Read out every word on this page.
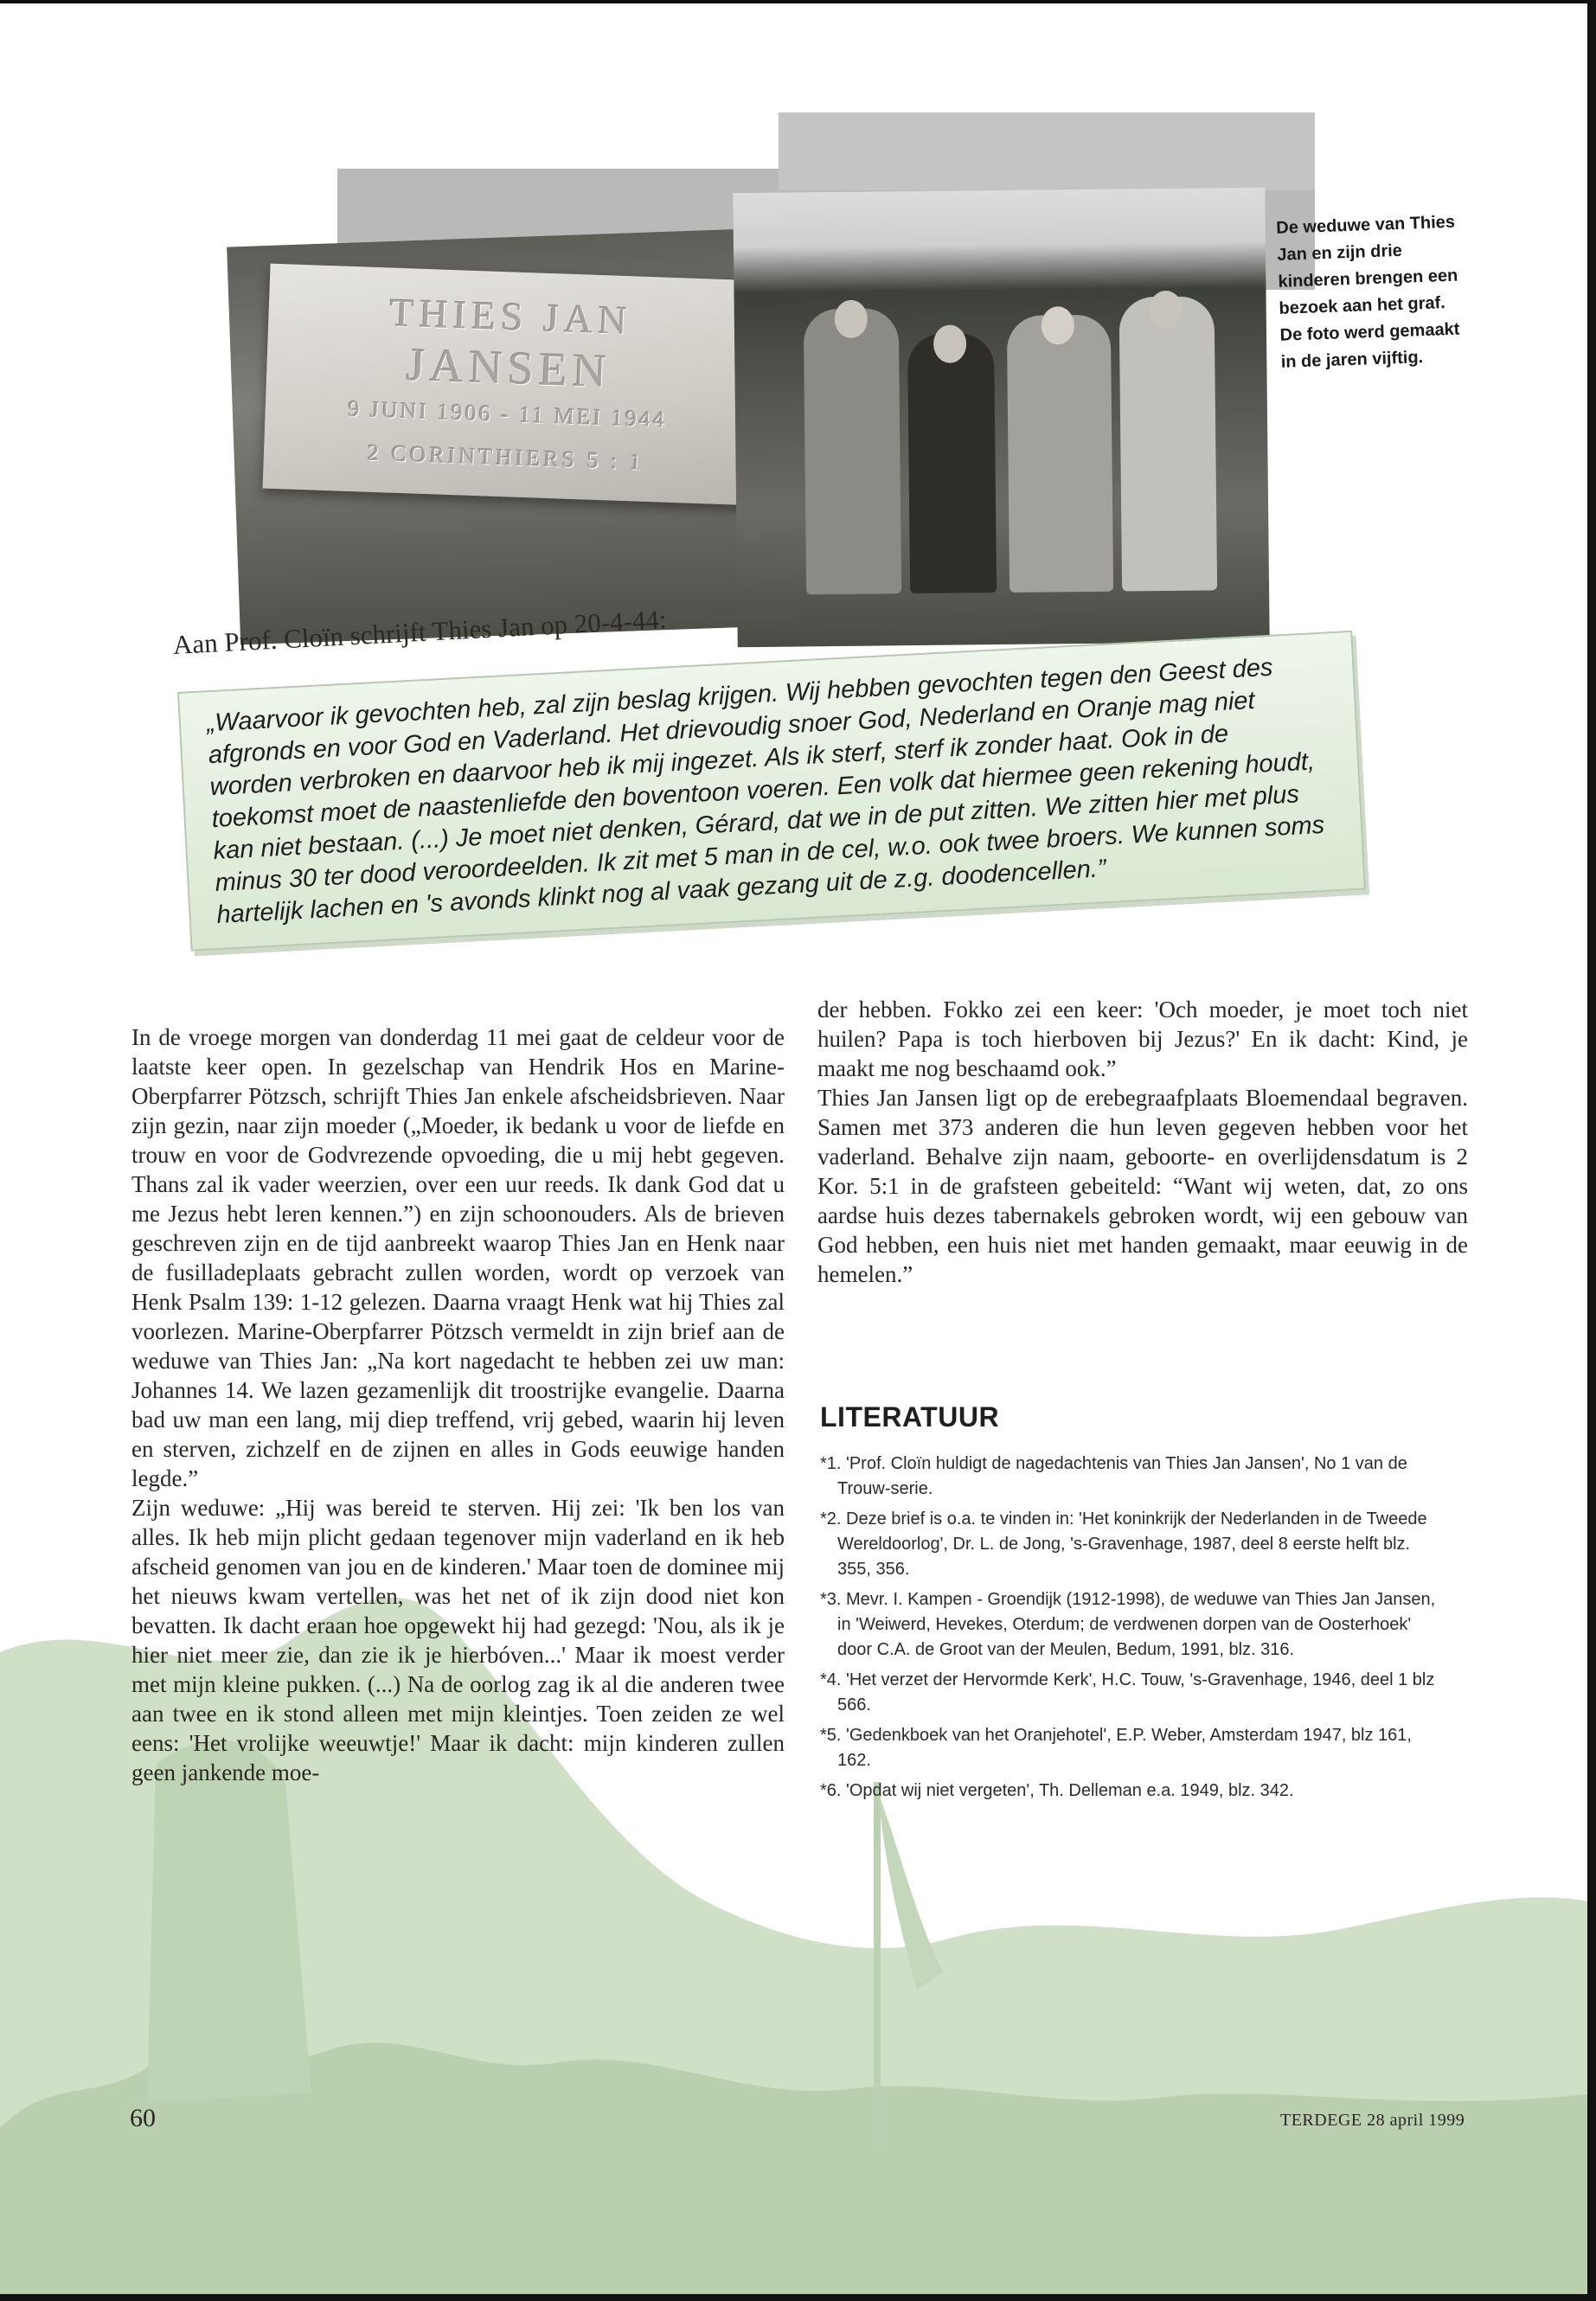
THIES JAN
JANSEN
9 JUNI 1906 - 11 MEI 1944
2 CORINTHIERS 5 : 1
De weduwe van Thies Jan en zijn drie kinderen brengen een bezoek aan het graf. De foto werd gemaakt in de jaren vijftig.
Aan Prof. Cloïn schrijft Thies Jan op 20-4-44:
„Waarvoor ik gevochten heb, zal zijn beslag krijgen. Wij hebben gevochten tegen den Geest des afgronds en voor God en Vaderland. Het drievoudig snoer God, Nederland en Oranje mag niet worden verbroken en daarvoor heb ik mij ingezet. Als ik sterf, sterf ik zonder haat. Ook in de toekomst moet de naastenliefde den boventoon voeren. Een volk dat hiermee geen rekening houdt, kan niet bestaan. (...) Je moet niet denken, Gérard, dat we in de put zitten. We zitten hier met plus minus 30 ter dood veroordeelden. Ik zit met 5 man in de cel, w.o. ook twee broers. We kunnen soms hartelijk lachen en 's avonds klinkt nog al vaak gezang uit de z.g. doodencellen.”

In de vroege morgen van donderdag 11 mei gaat de celdeur voor de laatste keer open. In gezelschap van Hendrik Hos en Marine-Oberpfarrer Pötzsch, schrijft Thies Jan enkele afscheidsbrieven. Naar zijn gezin, naar zijn moeder („Moeder, ik bedank u voor de liefde en trouw en voor de Godvrezende opvoeding, die u mij hebt gegeven. Thans zal ik vader weerzien, over een uur reeds. Ik dank God dat u me Jezus hebt leren kennen.”) en zijn schoonouders. Als de brieven geschreven zijn en de tijd aanbreekt waarop Thies Jan en Henk naar de fusilladeplaats gebracht zullen worden, wordt op verzoek van Henk Psalm 139: 1-12 gelezen. Daarna vraagt Henk wat hij Thies zal voorlezen. Marine-Oberpfarrer Pötzsch vermeldt in zijn brief aan de weduwe van Thies Jan: „Na kort nagedacht te hebben zei uw man: Johannes 14. We lazen gezamenlijk dit troostrijke evangelie. Daarna bad uw man een lang, mij diep treffend, vrij gebed, waarin hij leven en sterven, zichzelf en de zijnen en alles in Gods eeuwige handen legde.”

Zijn weduwe: „Hij was bereid te sterven. Hij zei: 'Ik ben los van alles. Ik heb mijn plicht gedaan tegenover mijn vaderland en ik heb afscheid genomen van jou en de kinderen.' Maar toen de dominee mij het nieuws kwam vertellen, was het net of ik zijn dood niet kon bevatten. Ik dacht eraan hoe opgewekt hij had gezegd: 'Nou, als ik je hier niet meer zie, dan zie ik je hierbóven...' Maar ik moest verder met mijn kleine pukken. (...) Na de oorlog zag ik al die anderen twee aan twee en ik stond alleen met mijn kleintjes. Toen zeiden ze wel eens: 'Het vrolijke weeuwtje!' Maar ik dacht: mijn kinderen zullen geen jankende moe-

der hebben. Fokko zei een keer: 'Och moeder, je moet toch niet huilen? Papa is toch hierboven bij Jezus?' En ik dacht: Kind, je maakt me nog beschaamd ook.”

Thies Jan Jansen ligt op de erebegraafplaats Bloemendaal begraven. Samen met 373 anderen die hun leven gegeven hebben voor het vaderland. Behalve zijn naam, geboorte- en overlijdensdatum is 2 Kor. 5:1 in de grafsteen gebeiteld: “Want wij weten, dat, zo ons aardse huis dezes tabernakels gebroken wordt, wij een gebouw van God hebben, een huis niet met handen gemaakt, maar eeuwig in de hemelen.”

LITERATUUR
*1. 'Prof. Cloïn huldigt de nagedachtenis van Thies Jan Jansen', No 1 van de Trouw-serie.
*2. Deze brief is o.a. te vinden in: 'Het koninkrijk der Nederlanden in de Tweede Wereldoorlog', Dr. L. de Jong, 's-Gravenhage, 1987, deel 8 eerste helft blz. 355, 356.
*3. Mevr. I. Kampen - Groendijk (1912-1998), de weduwe van Thies Jan Jansen, in 'Weiwerd, Hevekes, Oterdum; de verdwenen dorpen van de Oosterhoek' door C.A. de Groot van der Meulen, Bedum, 1991, blz. 316.
*4. 'Het verzet der Hervormde Kerk', H.C. Touw, 's-Gravenhage, 1946, deel 1 blz 566.
*5. 'Gedenkboek van het Oranjehotel', E.P. Weber, Amsterdam 1947, blz 161, 162.
*6. 'Opdat wij niet vergeten', Th. Delleman e.a. 1949, blz. 342.
60	TERDEGE 28 april 1999
